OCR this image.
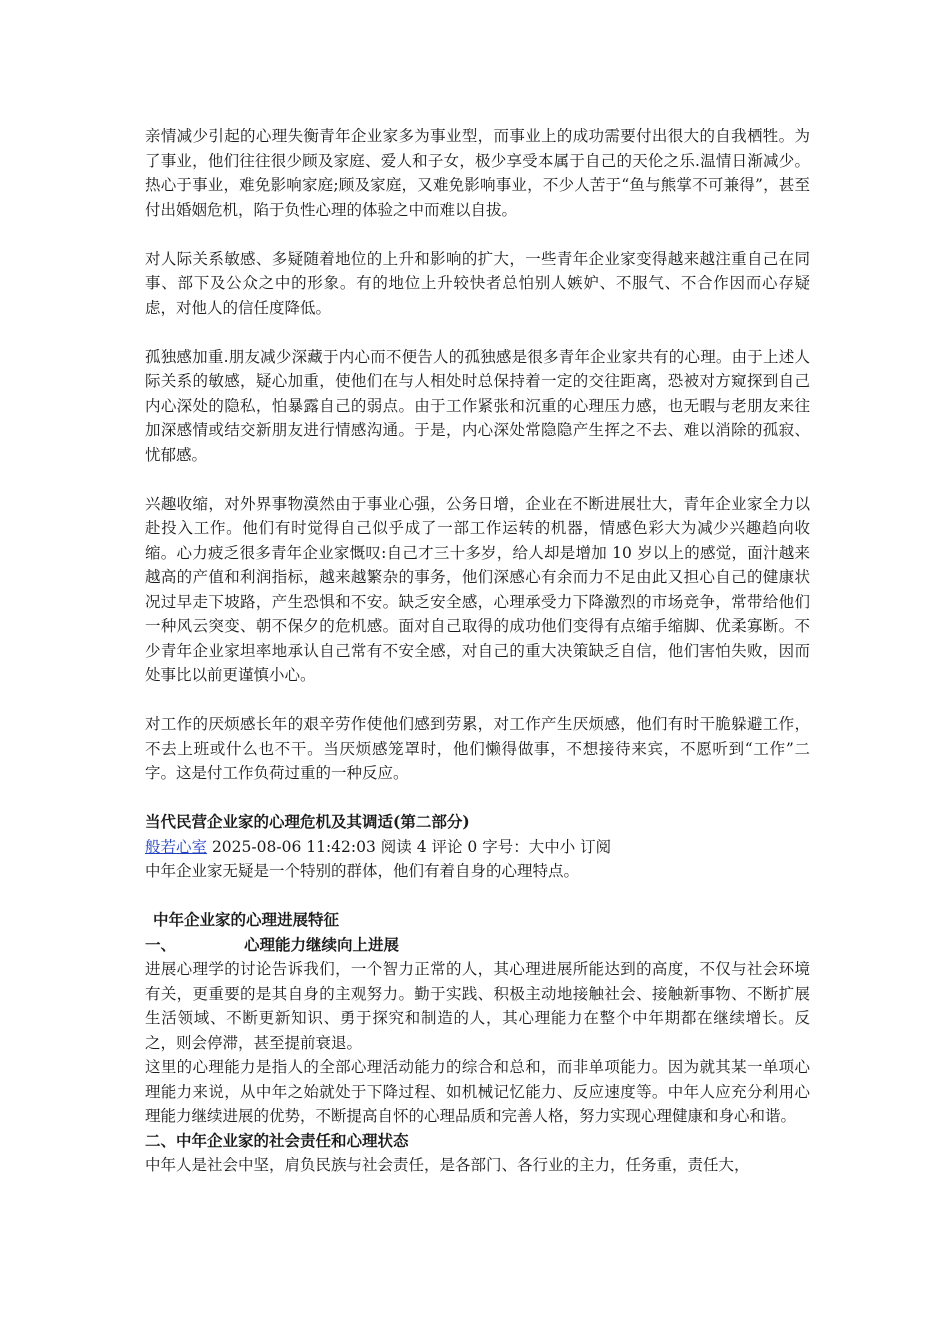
亲情减少引起的心理失衡青年企业家多为事业型，而事业上的成功需要付出很大的自我栖牲。为了事业，他们往往很少顾及家庭、爱人和子女，极少享受本属于自己的天伦之乐.温情日渐减少。热心于事业，难免影响家庭;顾及家庭，又难免影响事业，不少人苦于“鱼与熊掌不可兼得”，甚至付出婚姻危机，陷于负性心理的体验之中而难以自拔。

对人际关系敏感、多疑随着地位的上升和影响的扩大，一些青年企业家变得越来越注重自己在同事、部下及公众之中的形象。有的地位上升较快者总怕别人嫉妒、不服气、不合作因而心存疑虑，对他人的信任度降低。

孤独感加重.朋友减少深藏于内心而不便告人的孤独感是很多青年企业家共有的心理。由于上述人际关系的敏感，疑心加重，使他们在与人相处时总保持着一定的交往距离，恐被对方窥探到自己内心深处的隐私，怕暴露自己的弱点。由于工作紧张和沉重的心理压力感，也无暇与老朋友来往加深感情或结交新朋友进行情感沟通。于是，内心深处常隐隐产生挥之不去、难以消除的孤寂、忧郁感。

兴趣收缩，对外界事物漠然由于事业心强，公务日增，企业在不断进展壮大，青年企业家全力以赴投入工作。他们有时觉得自己似乎成了一部工作运转的机器，情感色彩大为减少兴趣趋向收缩。心力疲乏很多青年企业家慨叹:自己才三十多岁，给人却是增加 10 岁以上的感觉，面汁越来越高的产值和利润指标，越来越繁杂的事务，他们深感心有余而力不足由此又担心自己的健康状况过早走下坡路，产生恐惧和不安。缺乏安全感，心理承受力下降激烈的市场竞争，常带给他们一种风云突变、朝不保夕的危机感。面对自己取得的成功他们变得有点缩手缩脚、优柔寡断。不少青年企业家坦率地承认自己常有不安全感，对自己的重大决策缺乏自信，他们害怕失败，因而处事比以前更谨慎小心。

对工作的厌烦感长年的艰辛劳作使他们感到劳累，对工作产生厌烦感，他们有时干脆躲避工作，不去上班或什么也不干。当厌烦感笼罩时，他们懒得做事，不想接待来宾，不愿听到“工作”二字。这是付工作负荷过重的一种反应。

当代民营企业家的心理危机及其调适(第二部分)

般若心室 2025-08-06 11:42:03 阅读 4 评论 0 字号：大中小 订阅

中年企业家无疑是一个特别的群体，他们有着自身的心理特点。

中年企业家的心理进展特征

一、	心理能力继续向上进展

进展心理学的讨论告诉我们，一个智力正常的人，其心理进展所能达到的高度，不仅与社会环境有关，更重要的是其自身的主观努力。勤于实践、积极主动地接触社会、接触新事物、不断扩展生活领域、不断更新知识、勇于探究和制造的人，其心理能力在整个中年期都在继续增长。反之，则会停滞，甚至提前衰退。

这里的心理能力是指人的全部心理活动能力的综合和总和，而非单项能力。因为就其某一单项心理能力来说，从中年之始就处于下降过程、如机械记忆能力、反应速度等。中年人应充分利用心理能力继续进展的优势，不断提高自怀的心理品质和完善人格，努力实现心理健康和身心和谐。

二、中年企业家的社会责任和心理状态

中年人是社会中坚，肩负民族与社会责任，是各部门、各行业的主力，任务重，责任大，
